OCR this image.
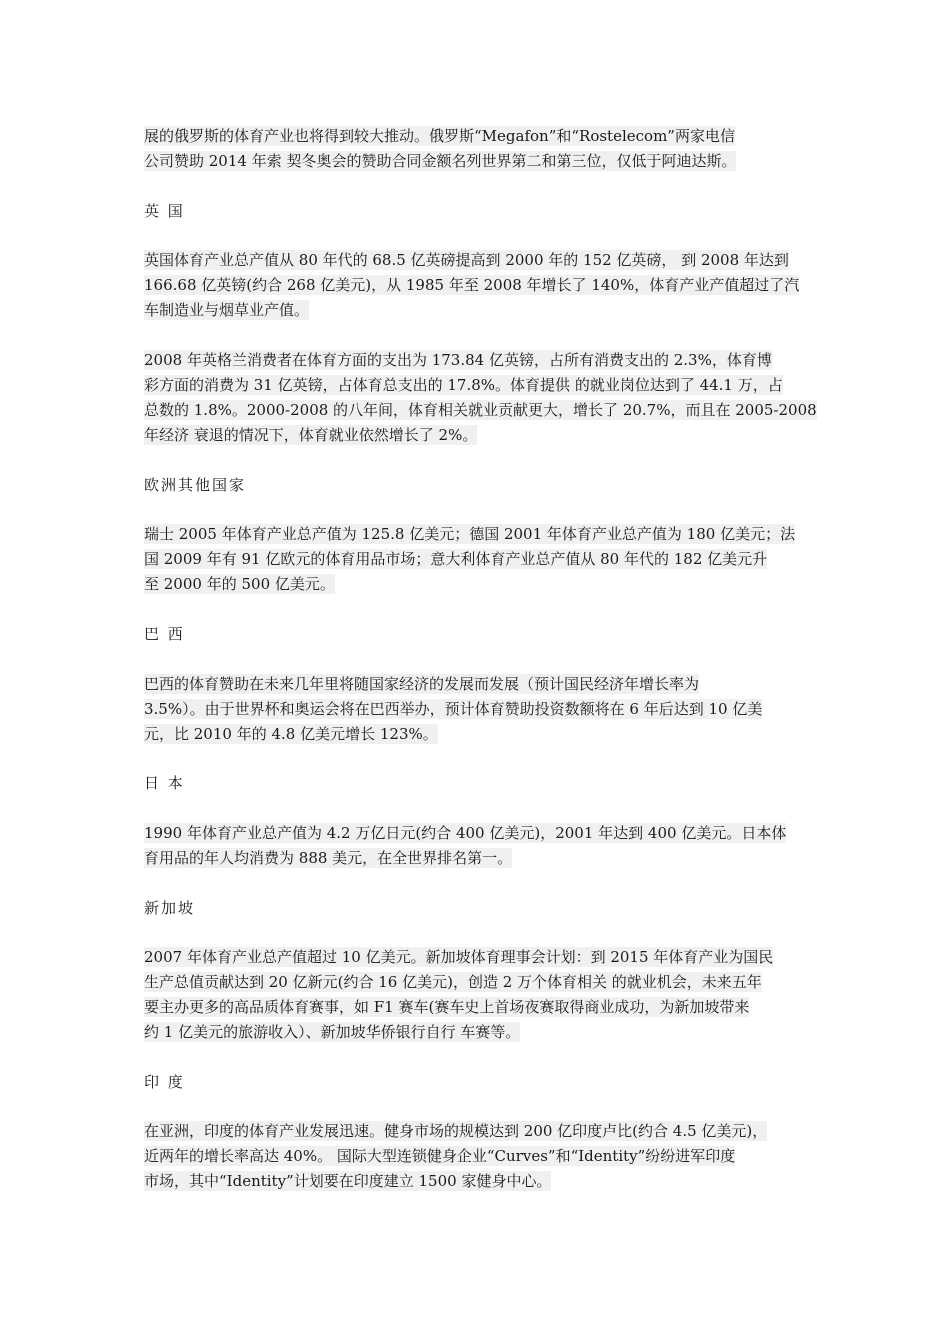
展的俄罗斯的体育产业也将得到较大推动。俄罗斯“Megafon”和“Rostelecom”两家电信
公司赞助 2014 年索 契冬奥会的赞助合同金额名列世界第二和第三位，仅低于阿迪达斯。
英 国
英国体育产业总产值从 80 年代的 68.5 亿英磅提高到 2000 年的 152 亿英磅， 到 2008 年达到
166.68 亿英镑(约合 268 亿美元)，从 1985 年至 2008 年增长了 140%，体育产业产值超过了汽
车制造业与烟草业产值。
2008 年英格兰消费者在体育方面的支出为 173.84 亿英镑，占所有消费支出的 2.3%，体育博
彩方面的消费为 31 亿英镑，占体育总支出的 17.8%。体育提供 的就业岗位达到了 44.1 万，占
总数的 1.8%。2000-2008 的八年间，体育相关就业贡献更大，增长了 20.7%，而且在 2005-2008
年经济 衰退的情况下，体育就业依然增长了 2%。
欧洲其他国家
瑞士 2005 年体育产业总产值为 125.8 亿美元；德国 2001 年体育产业总产值为 180 亿美元；法
国 2009 年有 91 亿欧元的体育用品市场；意大利体育产业总产值从 80 年代的 182 亿美元升
至 2000 年的 500 亿美元。
巴 西
巴西的体育赞助在未来几年里将随国家经济的发展而发展（预计国民经济年增长率为
3.5%）。由于世界杯和奥运会将在巴西举办，预计体育赞助投资数额将在 6 年后达到 10 亿美
元，比 2010 年的 4.8 亿美元增长 123%。
日 本
1990 年体育产业总产值为 4.2 万亿日元(约合 400 亿美元)，2001 年达到 400 亿美元。日本体
育用品的年人均消费为 888 美元，在全世界排名第一。
新加坡
2007 年体育产业总产值超过 10 亿美元。新加坡体育理事会计划：到 2015 年体育产业为国民
生产总值贡献达到 20 亿新元(约合 16 亿美元)，创造 2 万个体育相关 的就业机会，未来五年
要主办更多的高品质体育赛事，如 F1 赛车(赛车史上首场夜赛取得商业成功，为新加坡带来
约 1 亿美元的旅游收入）、新加坡华侨银行自行 车赛等。
印 度
在亚洲，印度的体育产业发展迅速。健身市场的规模达到 200 亿印度卢比(约合 4.5 亿美元)，
近两年的增长率高达 40%。 国际大型连锁健身企业“Curves”和“Identity”纷纷进军印度
市场，其中“Identity”计划要在印度建立 1500 家健身中心。
